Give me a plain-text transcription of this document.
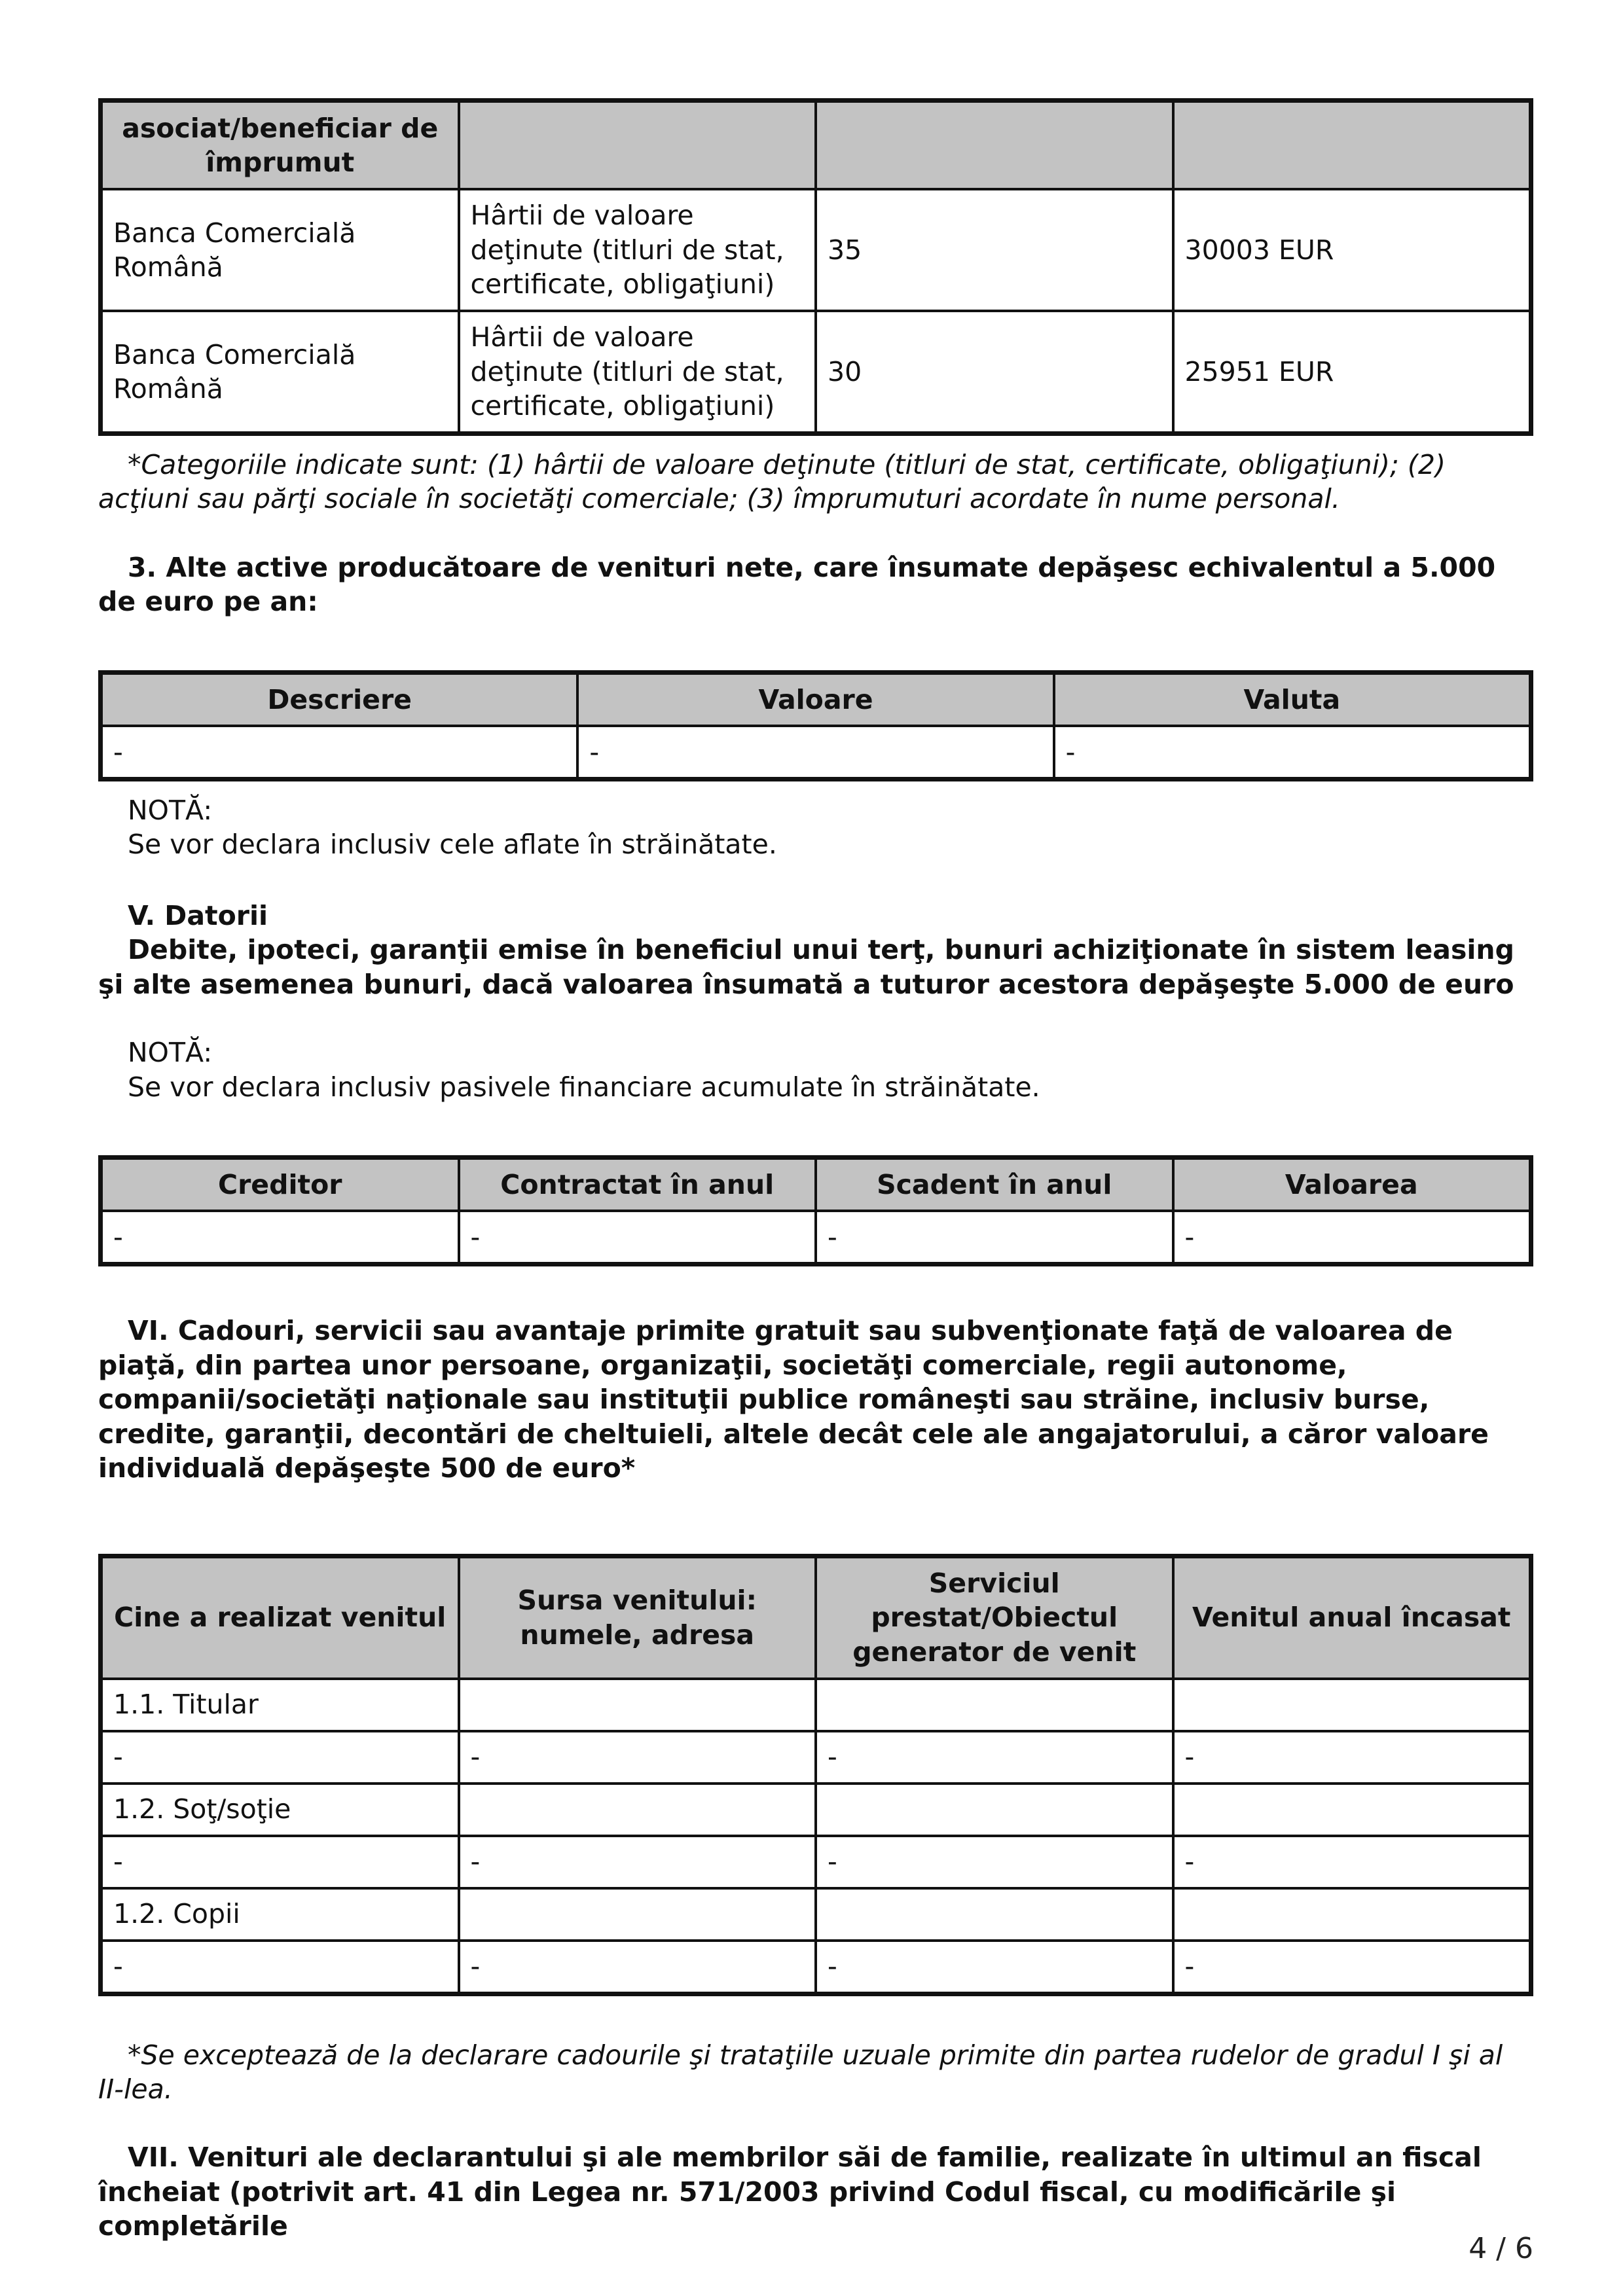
asociat/beneficiar de împrumut			
Banca Comercială Română	Hârtii de valoare deţinute (titluri de stat, certificate, obligaţiuni)	35	30003 EUR
Banca Comercială Română	Hârtii de valoare deţinute (titluri de stat, certificate, obligaţiuni)	30	25951 EUR

*Categoriile indicate sunt: (1) hârtii de valoare deţinute (titluri de stat, certificate, obligaţiuni); (2) acţiuni sau părţi sociale în societăţi comerciale; (3) împrumuturi acordate în nume personal.

3. Alte active producătoare de venituri nete, care însumate depăşesc echivalentul a 5.000 de euro pe an:

Descriere	Valoare	Valuta
-	-	-

NOTĂ:

Se vor declara inclusiv cele aflate în străinătate.

V. Datorii

Debite, ipoteci, garanţii emise în beneficiul unui terţ, bunuri achiziţionate în sistem leasing şi alte asemenea bunuri, dacă valoarea însumată a tuturor acestora depăşeşte 5.000 de euro

NOTĂ:

Se vor declara inclusiv pasivele financiare acumulate în străinătate.

Creditor	Contractat în anul	Scadent în anul	Valoarea
-	-	-	-

VI. Cadouri, servicii sau avantaje primite gratuit sau subvenţionate faţă de valoarea de piaţă, din partea unor persoane, organizaţii, societăţi comerciale, regii autonome, companii/societăţi naţionale sau instituţii publice româneşti sau străine, inclusiv burse, credite, garanţii, decontări de cheltuieli, altele decât cele ale angajatorului, a căror valoare individuală depăşeşte 500 de euro*

Cine a realizat venitul	Sursa venitului: numele, adresa	Serviciul prestat/Obiectul generator de venit	Venitul anual încasat
1.1. Titular			
-	-	-	-
1.2. Soţ/soţie			
-	-	-	-
1.2. Copii			
-	-	-	-

*Se exceptează de la declarare cadourile şi trataţiile uzuale primite din partea rudelor de gradul I şi al II-lea.

VII. Venituri ale declarantului şi ale membrilor săi de familie, realizate în ultimul an fiscal încheiat (potrivit art. 41 din Legea nr. 571/2003 privind Codul fiscal, cu modificările şi completările

4 / 6
